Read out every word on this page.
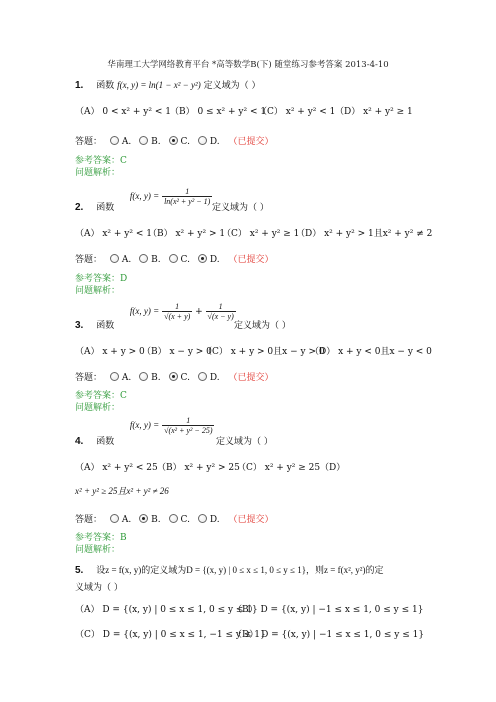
华南理工大学网络教育平台 *高等数学B(下) 随堂练习参考答案 2013-4-10
1. 函数 f(x, y) = ln(1 − x² − y²) 定义域为（ ）
（A） 0 < x² + y² < 1 （B） 0 ≤ x² + y² < 1
（C） x² + y² < 1 （D） x² + y² ≥ 1
答题： A. B. C. D. （已提交）
参考答案：C
问题解析：
f(x, $y) = \frac{1}{\text{ln(x² + y² − 1)}}$
2. 函数	定义域为（ ）
（A） x² + y² < 1
（B） x² + y² > 1
（C） x² + y² ≥ 1
（D） x² + y² > 1且x² + y² ≠ 2
答题： A. B. C. D. （已提交）
参考答案：D
问题解析：
f(x, $y) = \frac{1}{√(x + y)} + \frac{1}{√(x - y)}$
3. 函数	定义域为（ ）
（A） x + y > 0
（B） x − y > 0
（C） x + y > 0且x − y > 0
（D） x + y < 0且x − y < 0
答题： A. B. C. D. （已提交）
参考答案：C
问题解析：
f(x, $y) = \frac{1}{\text{√(x² + y² − 25)}}$
4. 函数	定义域为（ ）
（A） x² + y² < 25 （B） x² + y² > 25
（C） x² + y² ≥ 25 （D）
x² + y² ≥ 25且x² + y² ≠ 26
答题： A. B. C. D. （已提交）
参考答案：B
问题解析：
5. 设z = f(x, y)的定义域为D = {(x, y) | 0 ≤ x ≤ 1, 0 ≤ y ≤ 1}，则z = f(x², y²)的定
义域为（ ）
（A） D = {(x, y) | 0 ≤ x ≤ 1, 0 ≤ y ≤ 1}
（B） D = {(x, y) | −1 ≤ x ≤ 1, 0 ≤ y ≤ 1}
（C） D = {(x, y) | 0 ≤ x ≤ 1, −1 ≤ y ≤ 1}
（D） D = {(x, y) | −1 ≤ x ≤ 1, 0 ≤ y ≤ 1}
